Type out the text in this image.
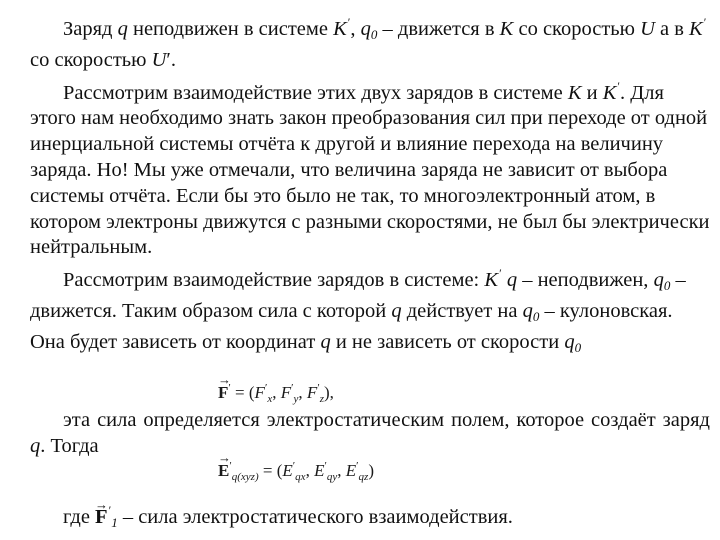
Заряд q неподвижен в системе K′, $q_0$ – движется в K со скоростью U а в K′ со скоростью U′.

Рассмотрим взаимодействие этих двух зарядов в системе K и K′. Для этого нам необходимо знать закон преобразования сил при переходе от одной инерциальной системы отчёта к другой и влияние перехода на величину заряда. Но! Мы уже отмечали, что величина заряда не зависит от выбора системы отчёта. Если бы это было не так, то многоэлектронный атом, в котором электроны движутся с разными скоростями, не был бы электрически нейтральным.

Рассмотрим взаимодействие зарядов в системе: K′ q – неподвижен, $q_0$ – движется. Таким образом сила с которой q действует на $q_0$ – кулоновская. Она будет зависеть от координат q и не зависеть от скорости $q_0$

→ $F' = (F'_x$, $F'_y$, $F'_z$),

эта сила определяется электростатическим полем, которое создаёт заряд q. Тогда

→ $E'_{q(xyz)} = (E'_{qx}$, $E'_{qy}$, $E'_{qz}$)
где → $F'_1$ – сила электростатического взаимодействия.
